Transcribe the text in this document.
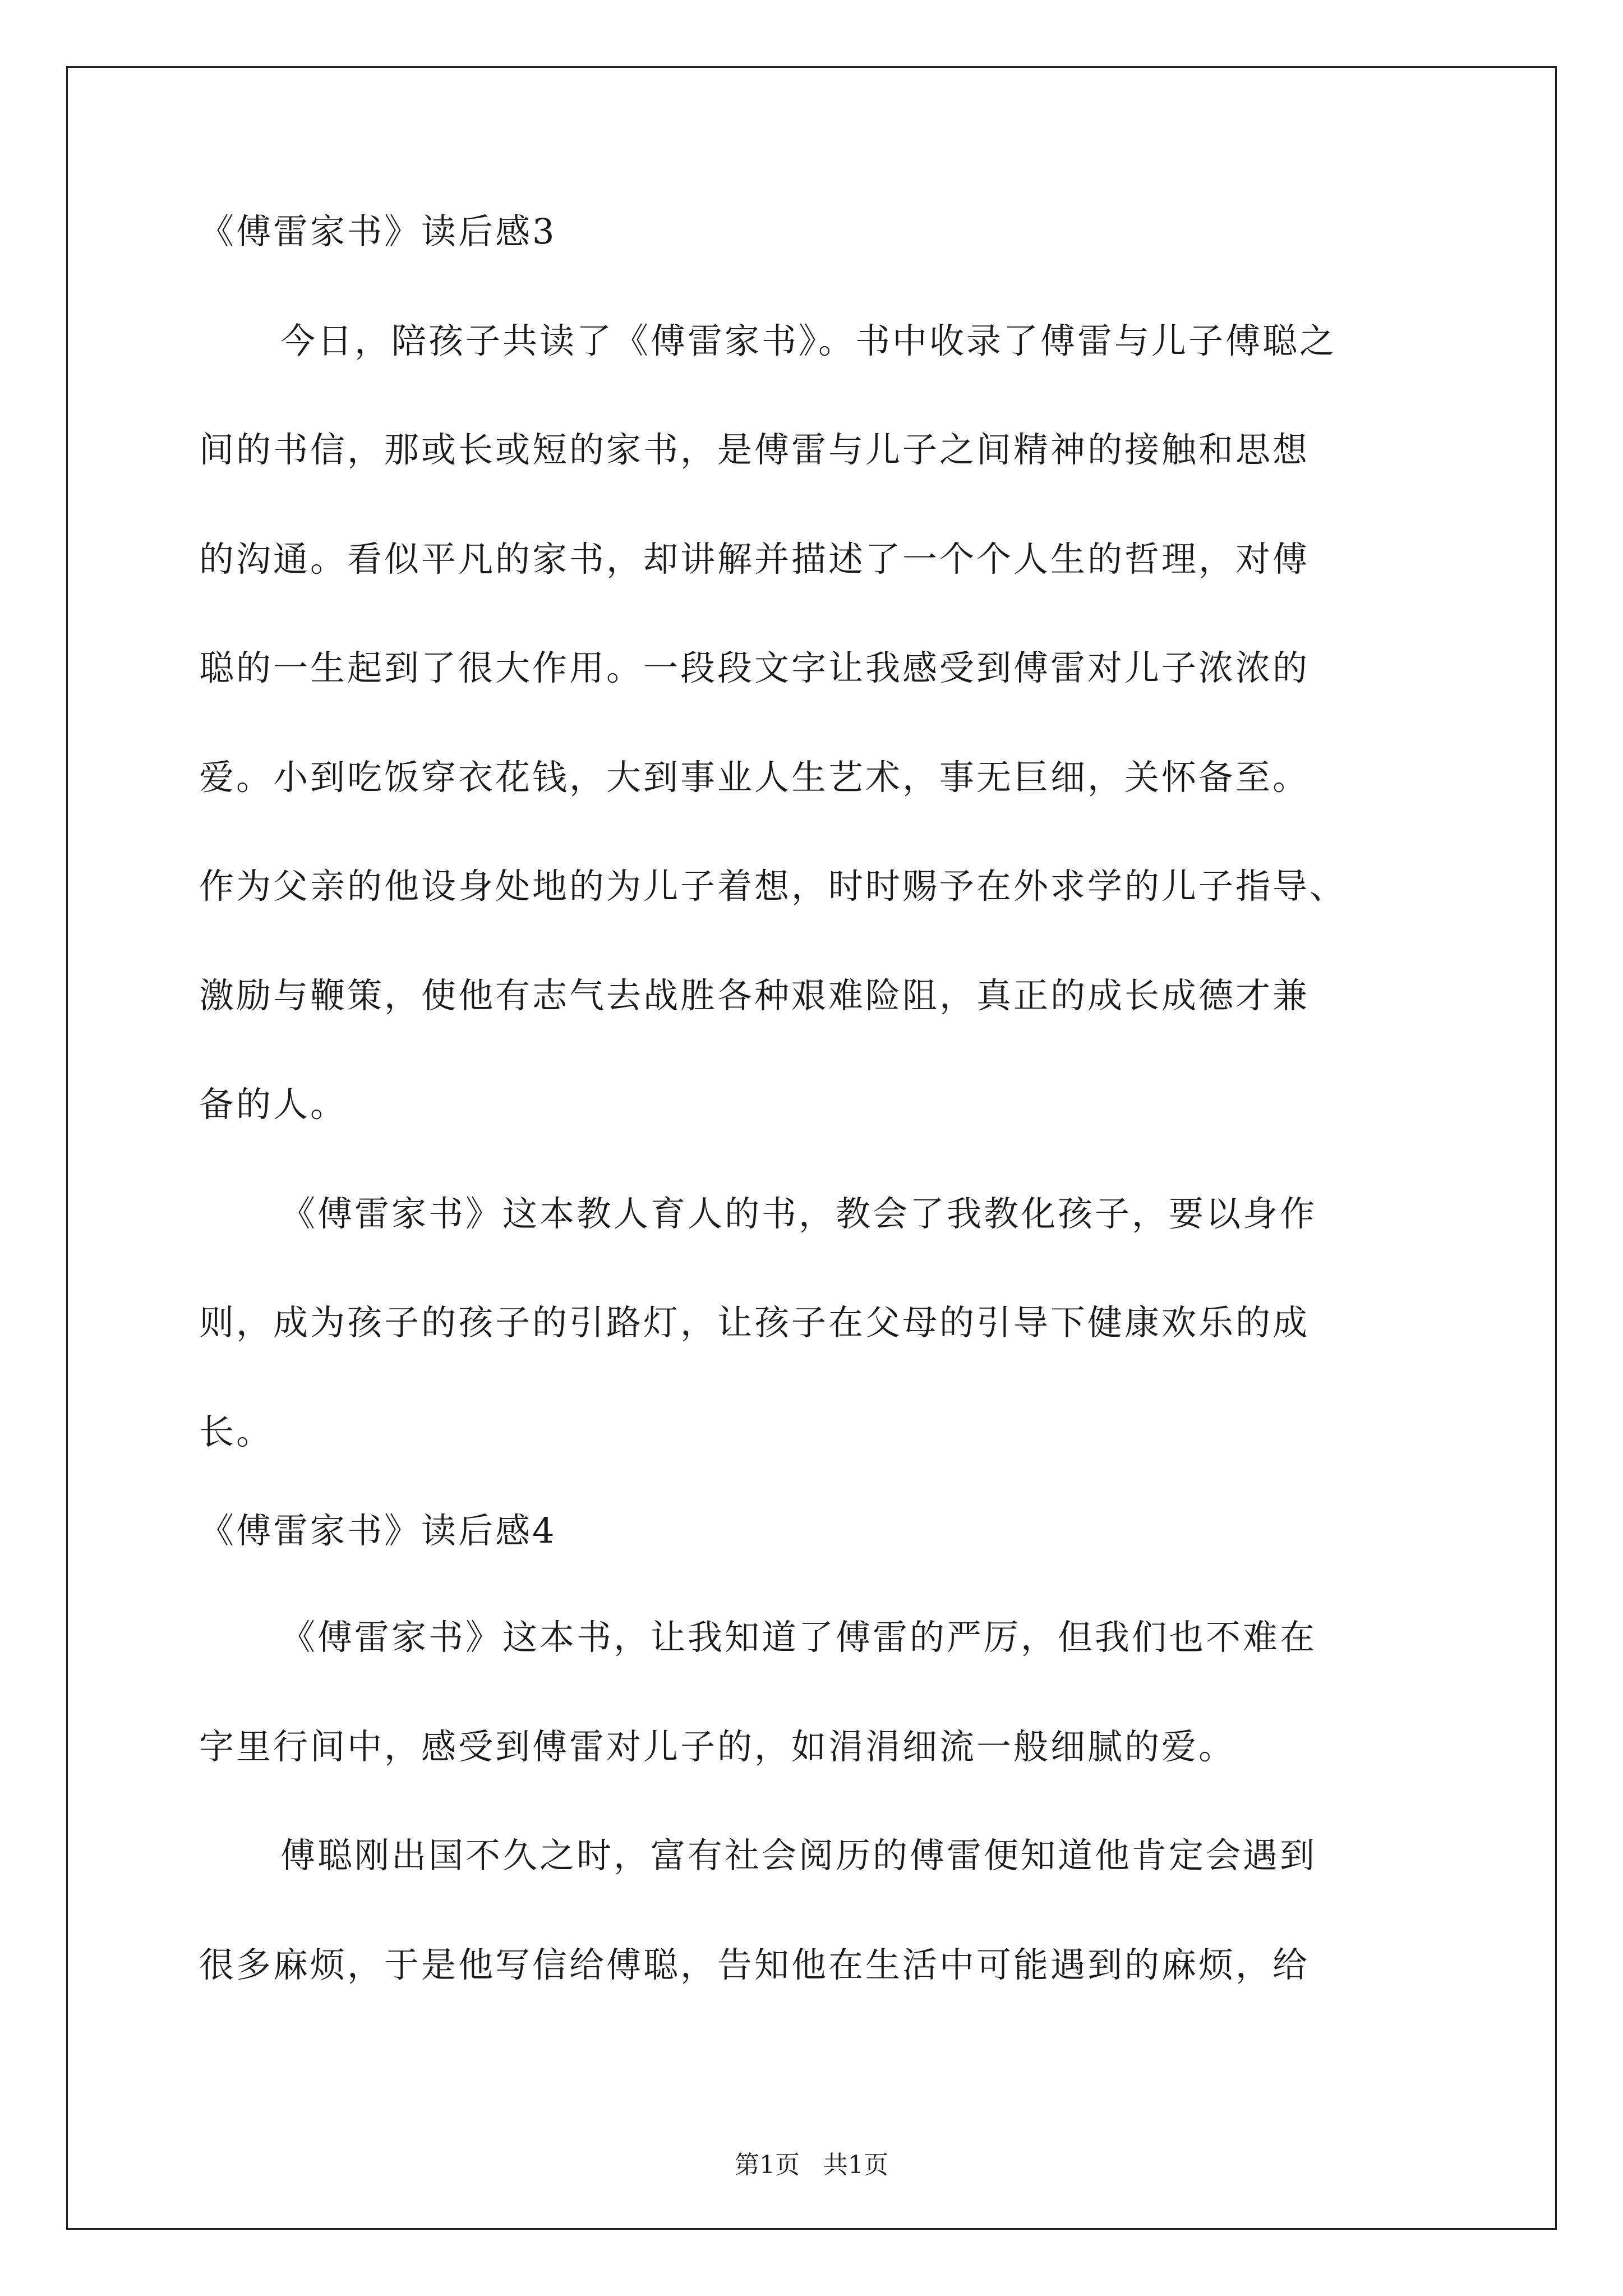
《傅雷家书》读后感3
今日，陪孩子共读了《傅雷家书》。书中收录了傅雷与儿子傅聪之
间的书信，那或长或短的家书，是傅雷与儿子之间精神的接触和思想
的沟通。看似平凡的家书，却讲解并描述了一个个人生的哲理，对傅
聪的一生起到了很大作用。一段段文字让我感受到傅雷对儿子浓浓的
爱。小到吃饭穿衣花钱，大到事业人生艺术，事无巨细，关怀备至。
作为父亲的他设身处地的为儿子着想，时时赐予在外求学的儿子指导、
激励与鞭策，使他有志气去战胜各种艰难险阻，真正的成长成德才兼
备的人。
《傅雷家书》这本教人育人的书，教会了我教化孩子，要以身作
则，成为孩子的孩子的引路灯，让孩子在父母的引导下健康欢乐的成
长。
《傅雷家书》读后感4
《傅雷家书》这本书，让我知道了傅雷的严厉，但我们也不难在
字里行间中，感受到傅雷对儿子的，如涓涓细流一般细腻的爱。
傅聪刚出国不久之时，富有社会阅历的傅雷便知道他肯定会遇到
很多麻烦，于是他写信给傅聪，告知他在生活中可能遇到的麻烦，给
第1页   共1页
